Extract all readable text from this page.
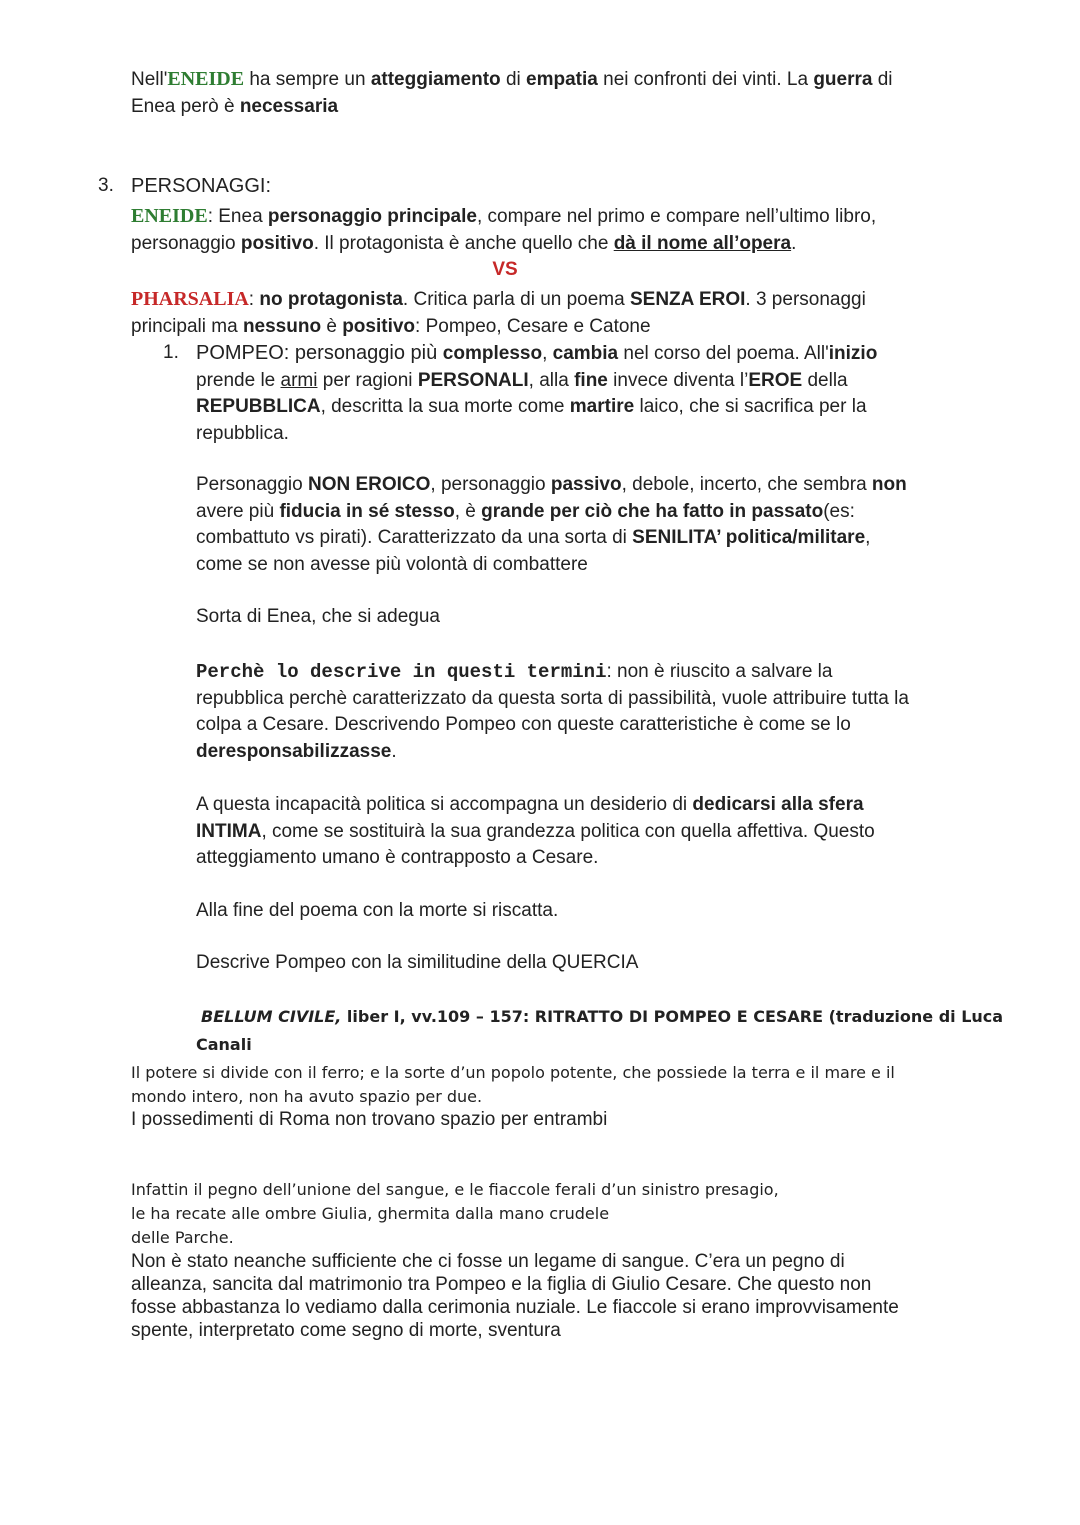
Nell'ENEIDE ha sempre un atteggiamento di empatia nei confronti dei vinti. La guerra di

Enea però è necessaria

3. PERSONAGGI:

ENEIDE: Enea personaggio principale, compare nel primo e compare nell’ultimo libro,

personaggio positivo. Il protagonista è anche quello che dà il nome all’opera.

VS

PHARSALIA: no protagonista. Critica parla di un poema SENZA EROI. 3 personaggi

principali ma nessuno è positivo: Pompeo, Cesare e Catone

1. POMPEO: personaggio più complesso, cambia nel corso del poema. All'inizio

prende le armi per ragioni PERSONALI, alla fine invece diventa l’EROE della

REPUBBLICA, descritta la sua morte come martire laico, che si sacrifica per la

repubblica.

Personaggio NON EROICO, personaggio passivo, debole, incerto, che sembra non

avere più fiducia in sé stesso, è grande per ciò che ha fatto in passato(es:

combattuto vs pirati). Caratterizzato da una sorta di SENILITA’ politica/militare,

come se non avesse più volontà di combattere

Sorta di Enea, che si adegua

Perchè lo descrive in questi termini: non è riuscito a salvare la

repubblica perchè caratterizzato da questa sorta di passibilità, vuole attribuire tutta la

colpa a Cesare. Descrivendo Pompeo con queste caratteristiche è come se lo

deresponsabilizzasse.

A questa incapacità politica si accompagna un desiderio di dedicarsi alla sfera

INTIMA, come se sostituirà la sua grandezza politica con quella affettiva. Questo

atteggiamento umano è contrapposto a Cesare.

Alla fine del poema con la morte si riscatta.

Descrive Pompeo con la similitudine della QUERCIA

BELLUM CIVILE, liber I, vv.109 – 157: RITRATTO DI POMPEO E CESARE (traduzione di Luca

Canali

Il potere si divide con il ferro; e la sorte d’un popolo potente, che possiede la terra e il mare e il

mondo intero, non ha avuto spazio per due.

I possedimenti di Roma non trovano spazio per entrambi

Infattin il pegno dell’unione del sangue, e le fiaccole ferali d’un sinistro presagio,

le ha recate alle ombre Giulia, ghermita dalla mano crudele

delle Parche.

Non è stato neanche sufficiente che ci fosse un legame di sangue. C’era un pegno di

alleanza, sancita dal matrimonio tra Pompeo e la figlia di Giulio Cesare. Che questo non

fosse abbastanza lo vediamo dalla cerimonia nuziale. Le fiaccole si erano improvvisamente

spente, interpretato come segno di morte, sventura
